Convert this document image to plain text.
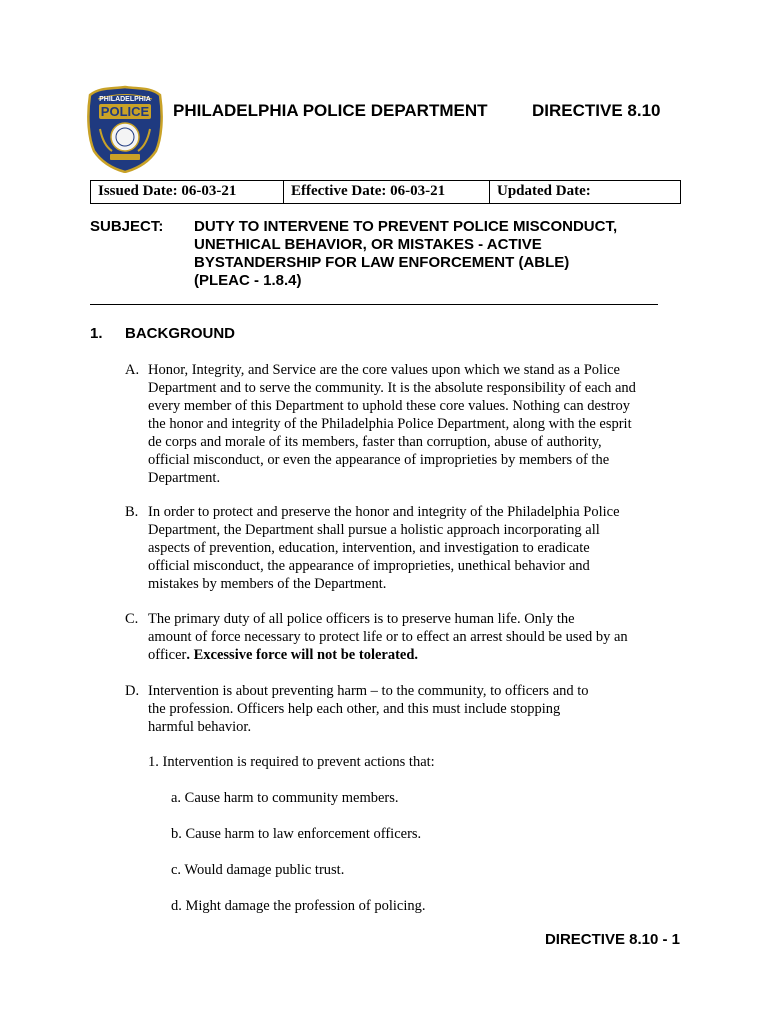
PHILADELPHIA
POLICE PHILADELPHIA POLICE DEPARTMENT	DIRECTIVE 8.10
Issued Date: 06-03-21	Effective Date: 06-03-21	Updated Date:
SUBJECT: DUTY TO INTERVENE TO PREVENT POLICE MISCONDUCT,
UNETHICAL BEHAVIOR, OR MISTAKES - ACTIVE
BYSTANDERSHIP FOR LAW ENFORCEMENT (ABLE)
(PLEAC - 1.8.4)
1. BACKGROUND
A. Honor, Integrity, and Service are the core values upon which we stand as a Police
Department and to serve the community. It is the absolute responsibility of each and
every member of this Department to uphold these core values. Nothing can destroy
the honor and integrity of the Philadelphia Police Department, along with the esprit
de corps and morale of its members, faster than corruption, abuse of authority,
official misconduct, or even the appearance of improprieties by members of the
Department.
B. In order to protect and preserve the honor and integrity of the Philadelphia Police
Department, the Department shall pursue a holistic approach incorporating all
aspects of prevention, education, intervention, and investigation to eradicate
official misconduct, the appearance of improprieties, unethical behavior and
mistakes by members of the Department.
C. The primary duty of all police officers is to preserve human life. Only the
amount of force necessary to protect life or to effect an arrest should be used by an
officer. Excessive force will not be tolerated.
D. Intervention is about preventing harm – to the community, to officers and to
the profession. Officers help each other, and this must include stopping
harmful behavior.
1. Intervention is required to prevent actions that:
a. Cause harm to community members.
b. Cause harm to law enforcement officers.
c. Would damage public trust.
d. Might damage the profession of policing.
DIRECTIVE 8.10 - 1
